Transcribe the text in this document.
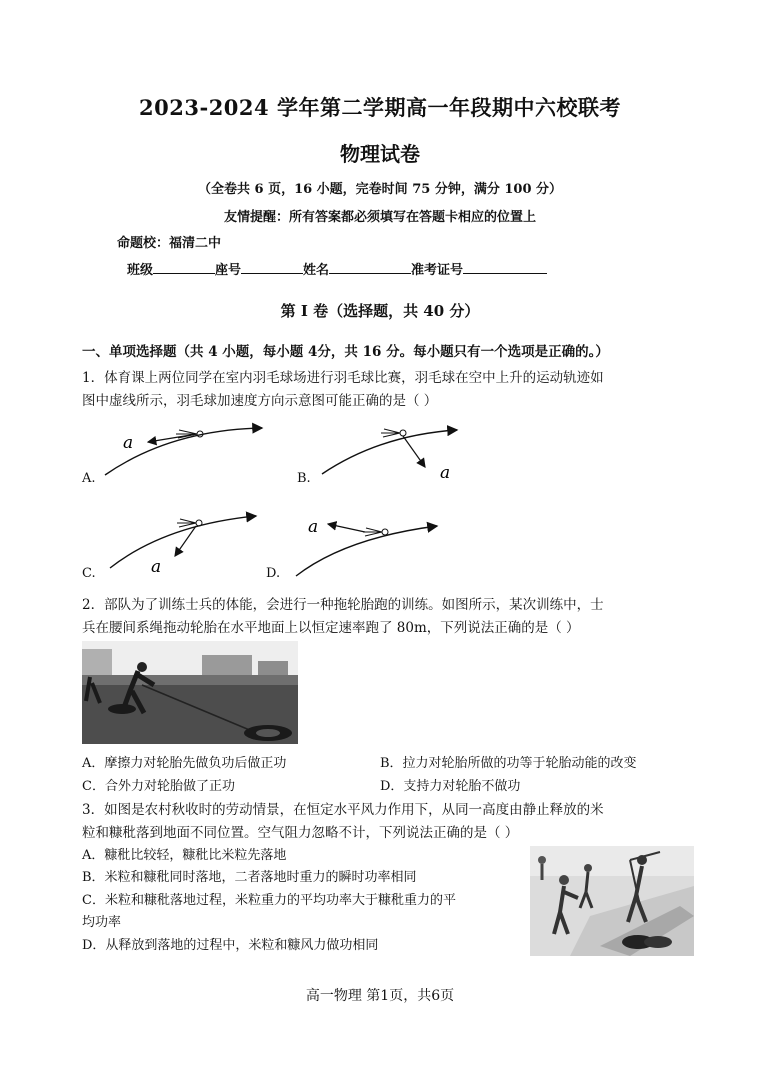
2023-2024 学年第二学期高一年段期中六校联考
物理试卷
（全卷共 6 页，16 小题，完卷时间 75 分钟，满分 100 分）
友情提醒：所有答案都必须填写在答题卡相应的位置上
命题校：福清二中
班级	座号	姓名	准考证号
第 I 卷（选择题，共 40 分）
一、单项选择题（共 4 小题，每小题 4分，共 16 分。每小题只有一个选项是正确的。）
1．体育课上两位同学在室内羽毛球场进行羽毛球比赛，羽毛球在空中上升的运动轨迹如
图中虚线所示，羽毛球加速度方向示意图可能正确的是（ ）
a
a
a
a
A.	B.
C.	D.
2．部队为了训练士兵的体能，会进行一种拖轮胎跑的训练。如图所示，某次训练中，士
兵在腰间系绳拖动轮胎在水平地面上以恒定速率跑了 80m，下列说法正确的是（ ）
A．摩擦力对轮胎先做负功后做正功	B．拉力对轮胎所做的功等于轮胎动能的改变
C．合外力对轮胎做了正功	D．支持力对轮胎不做功
3．如图是农村秋收时的劳动情景，在恒定水平风力作用下，从同一高度由静止释放的米
粒和糠秕落到地面不同位置。空气阻力忽略不计，下列说法正确的是（ ）
A．糠秕比较轻，糠秕比米粒先落地
B．米粒和糠秕同时落地，二者落地时重力的瞬时功率相同
C．米粒和糠秕落地过程，米粒重力的平均功率大于糠秕重力的平
均功率
D．从释放到落地的过程中，米粒和糠风力做功相同
高一物理 第1页，共6页
